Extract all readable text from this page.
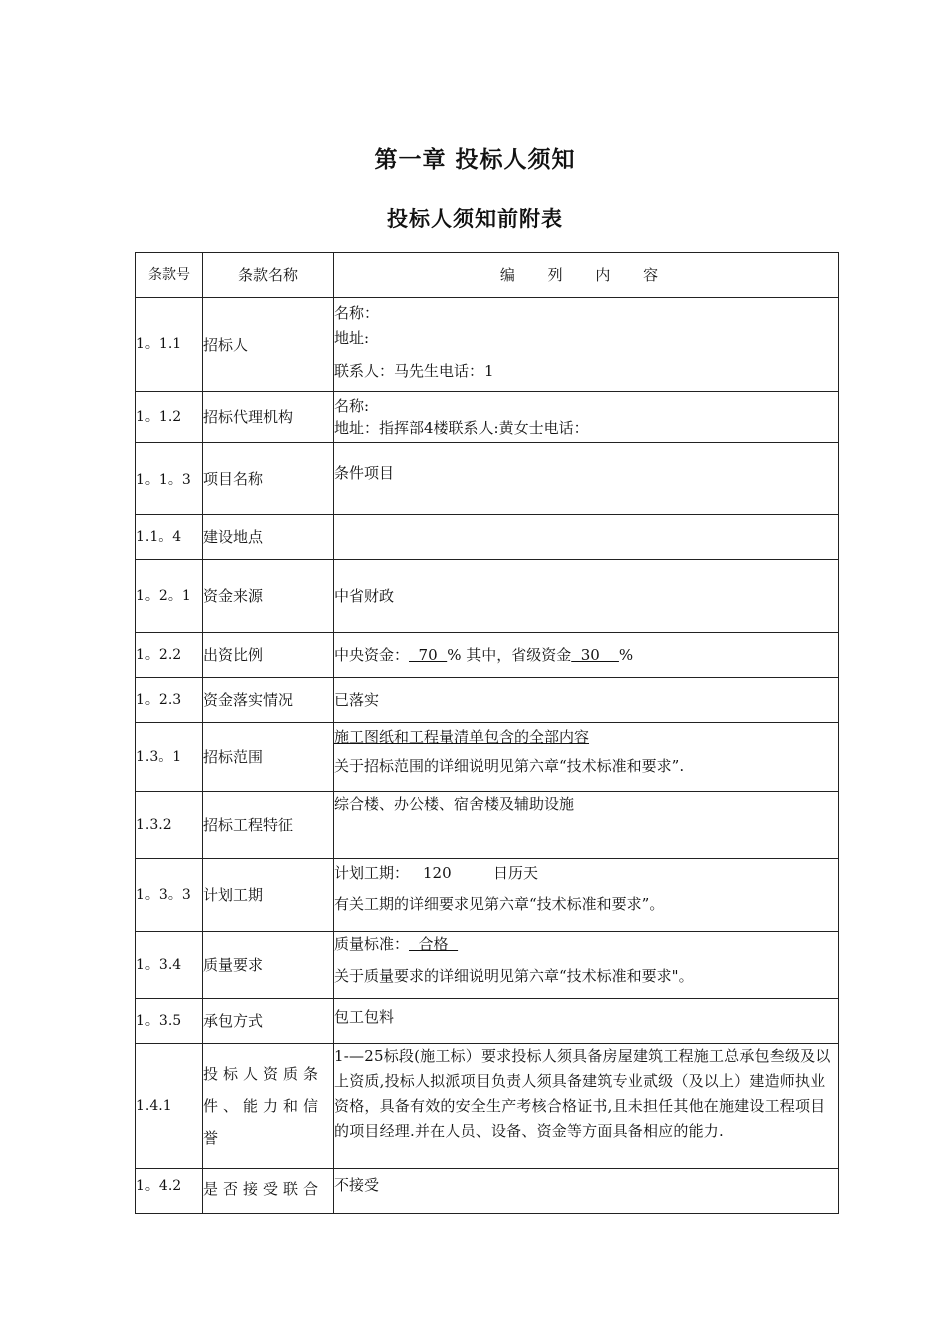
第一章 投标人须知
投标人须知前附表
条款号	条款名称	编 列 内 容
1。1.1	招标人	名称：
地址:
联系人：马先生电话：1

1。1.2	招标代理机构	名称:
地址：指挥部4楼联系人:黄女士电话：

1。1。3	项目名称	条件项目

1.1。4	建设地点	
1。2。1	资金来源	中省财政

1。2.2	出资比例	中央资金：  70  % 其中，省级资金  30    %
1。2.3	资金落实情况	已落实

1.3。1	招标范围	施工图纸和工程量清单包含的全部内容
关于招标范围的详细说明见第六章“技术标准和要求”.

1.3.2	招标工程特征	综合楼、办公楼、宿舍楼及辅助设施

1。3。3	计划工期	计划工期： 120 日历天
有关工期的详细要求见第六章“技术标准和要求”。

1。3.4	质量要求	质量标准：  合格
关于质量要求的详细说明见第六章“技术标准和要求"。

1。3.5	承包方式	包工包料

1.4.1	投标人资质条件、能力和信誉	1-—25标段(施工标）要求投标人须具备房屋建筑工程施工总承包叁级及以上资质,投标人拟派项目负责人须具备建筑专业贰级（及以上）建造师执业资格，具备有效的安全生产考核合格证书,且未担任其他在施建设工程项目的项目经理.并在人员、设备、资金等方面具备相应的能力.

1。4.2	是否接受联合	不接受
